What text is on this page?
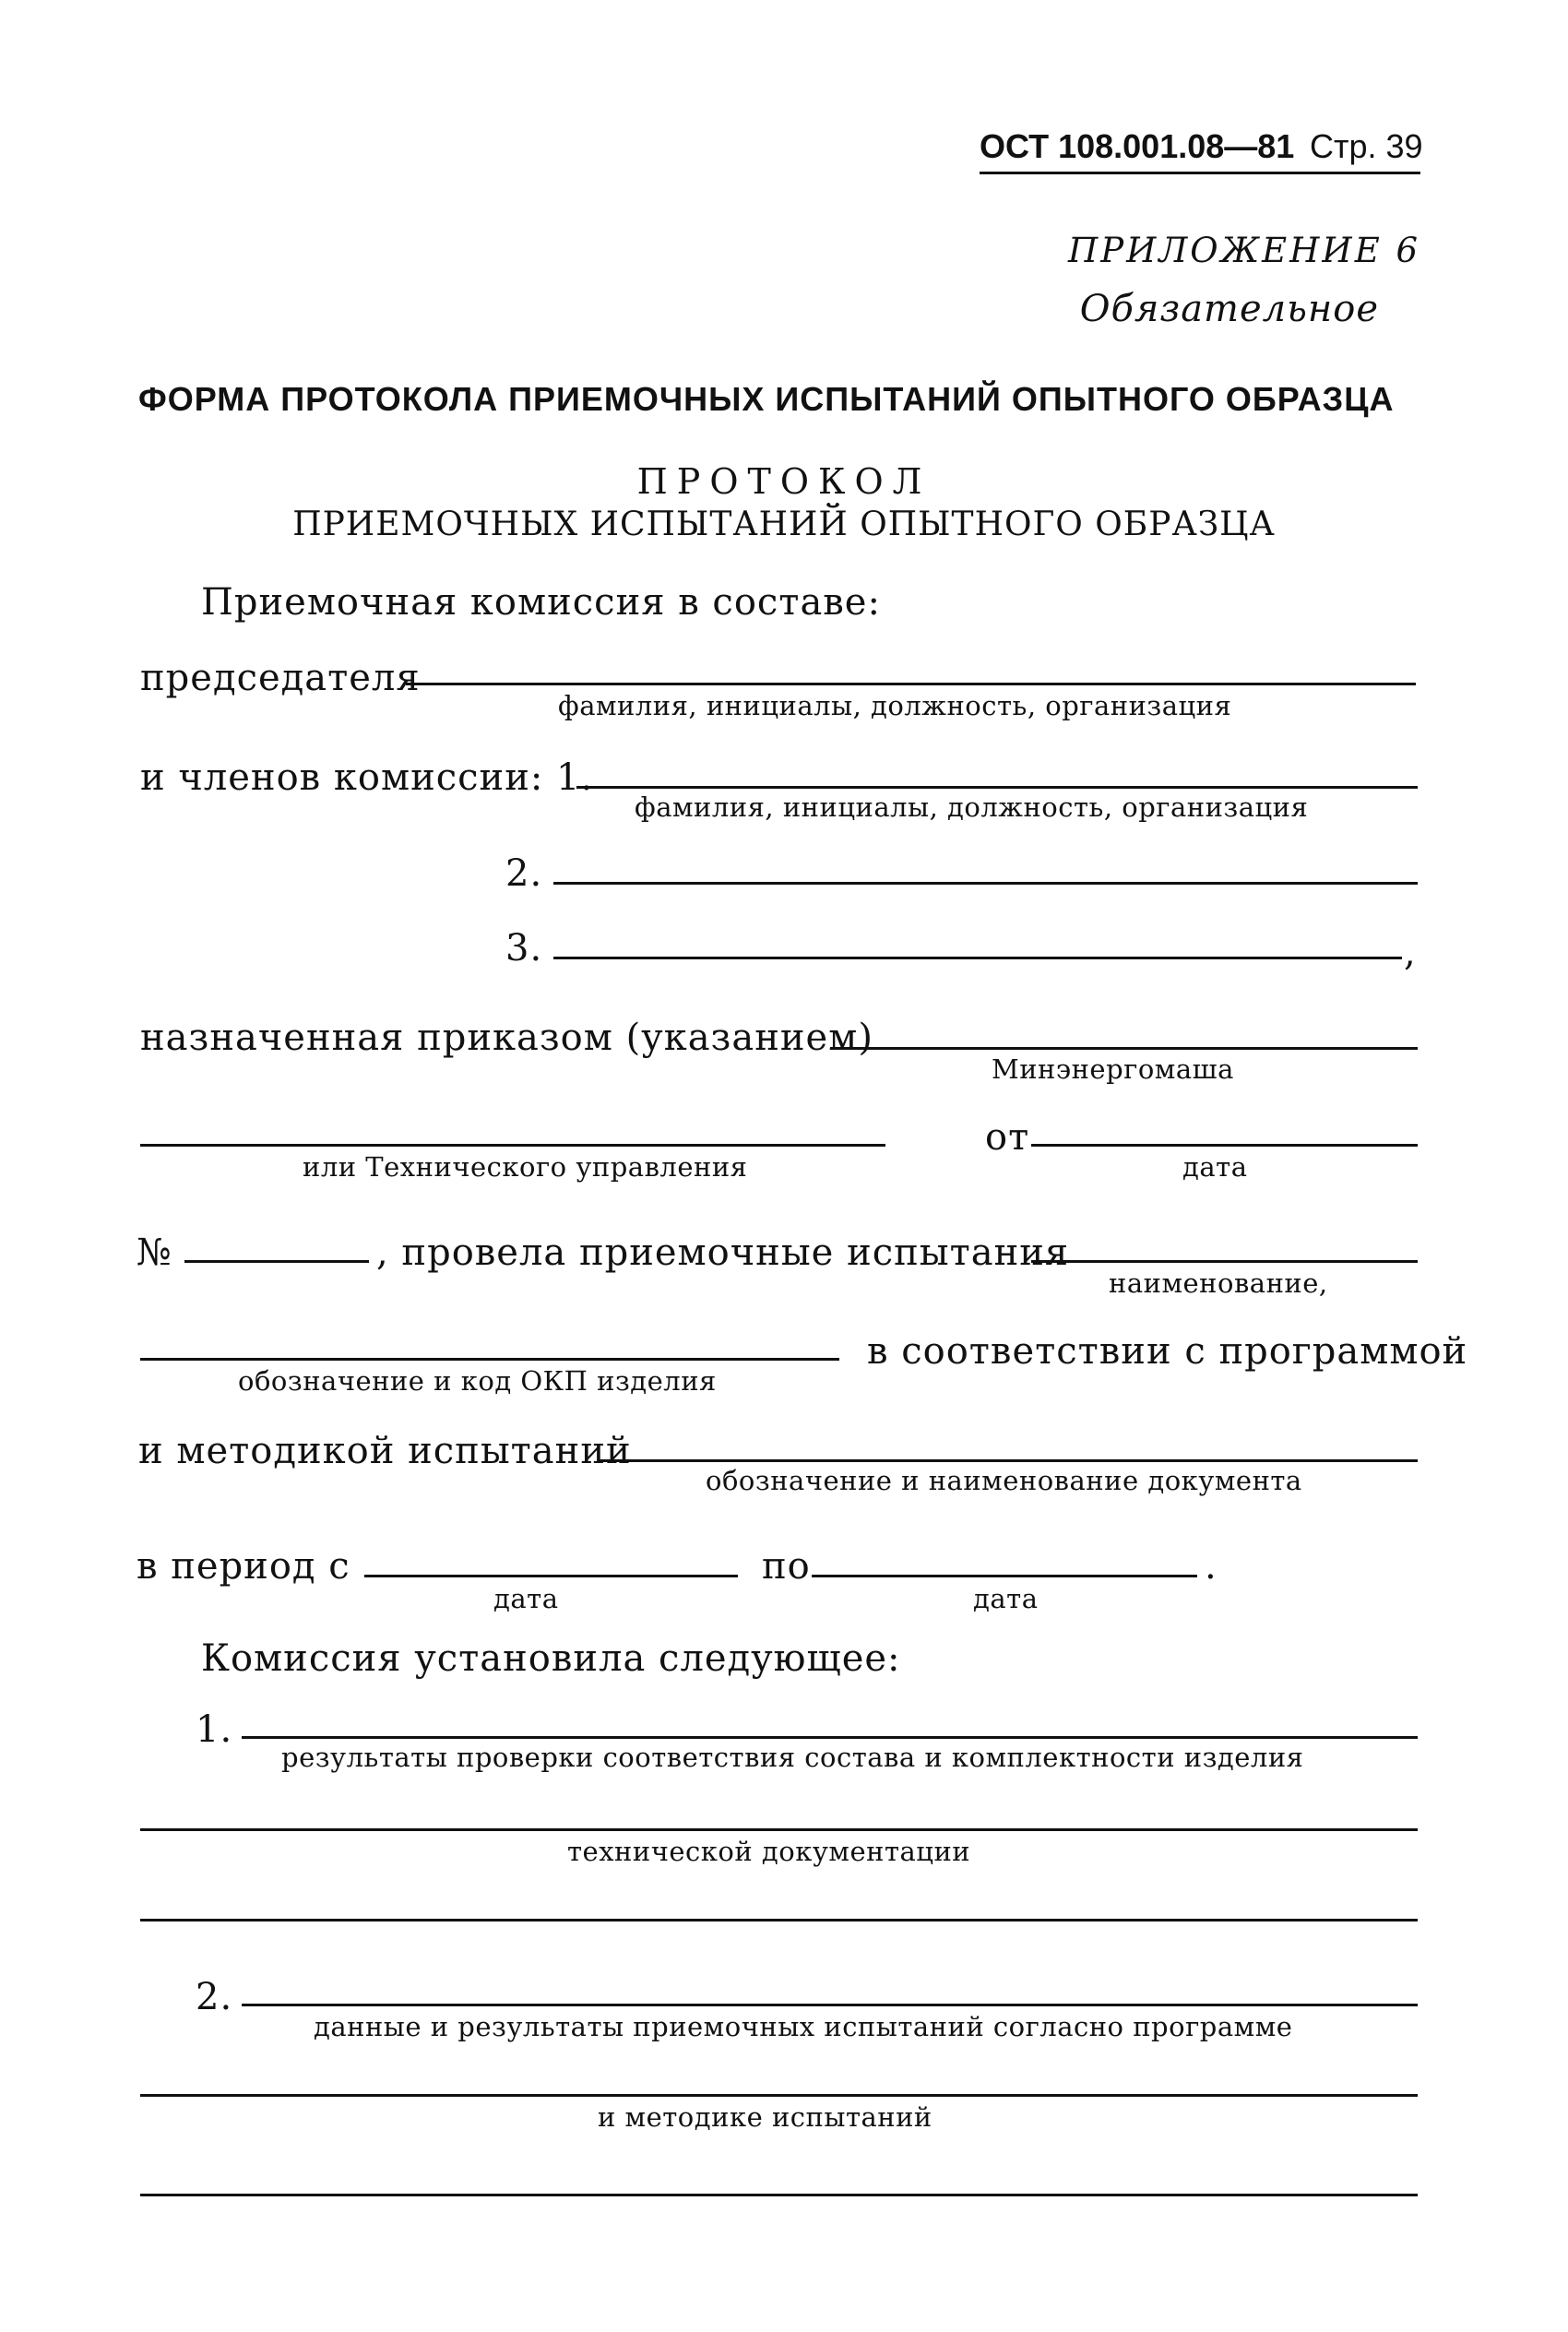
ОСТ 108.001.08—81 Стр. 39
ПРИЛОЖЕНИЕ 6
Обязательное
ФОРМА ПРОТОКОЛА ПРИЕМОЧНЫХ ИСПЫТАНИЙ ОПЫТНОГО ОБРАЗЦА
ПРОТОКОЛ
ПРИЕМОЧНЫХ ИСПЫТАНИЙ ОПЫТНОГО ОБРАЗЦА
Приемочная комиссия в составе:
председателя
фамилия, инициалы, должность, организация
и членов комиссии: 1.
фамилия, инициалы, должность, организация
2.
3.	,
назначенная приказом (указанием)
Минэнергомаша
или Технического управления
от
дата
№	, провела приемочные испытания
наименование,
обозначение и код ОКП изделия
в соответствии с программой
и методикой испытаний
обозначение и наименование документа
в период с
дата
по	.
дата
Комиссия установила следующее:
1.
результаты проверки соответствия состава и комплектности изделия
технической документации
2.
данные и результаты приемочных испытаний согласно программе
и методике испытаний
